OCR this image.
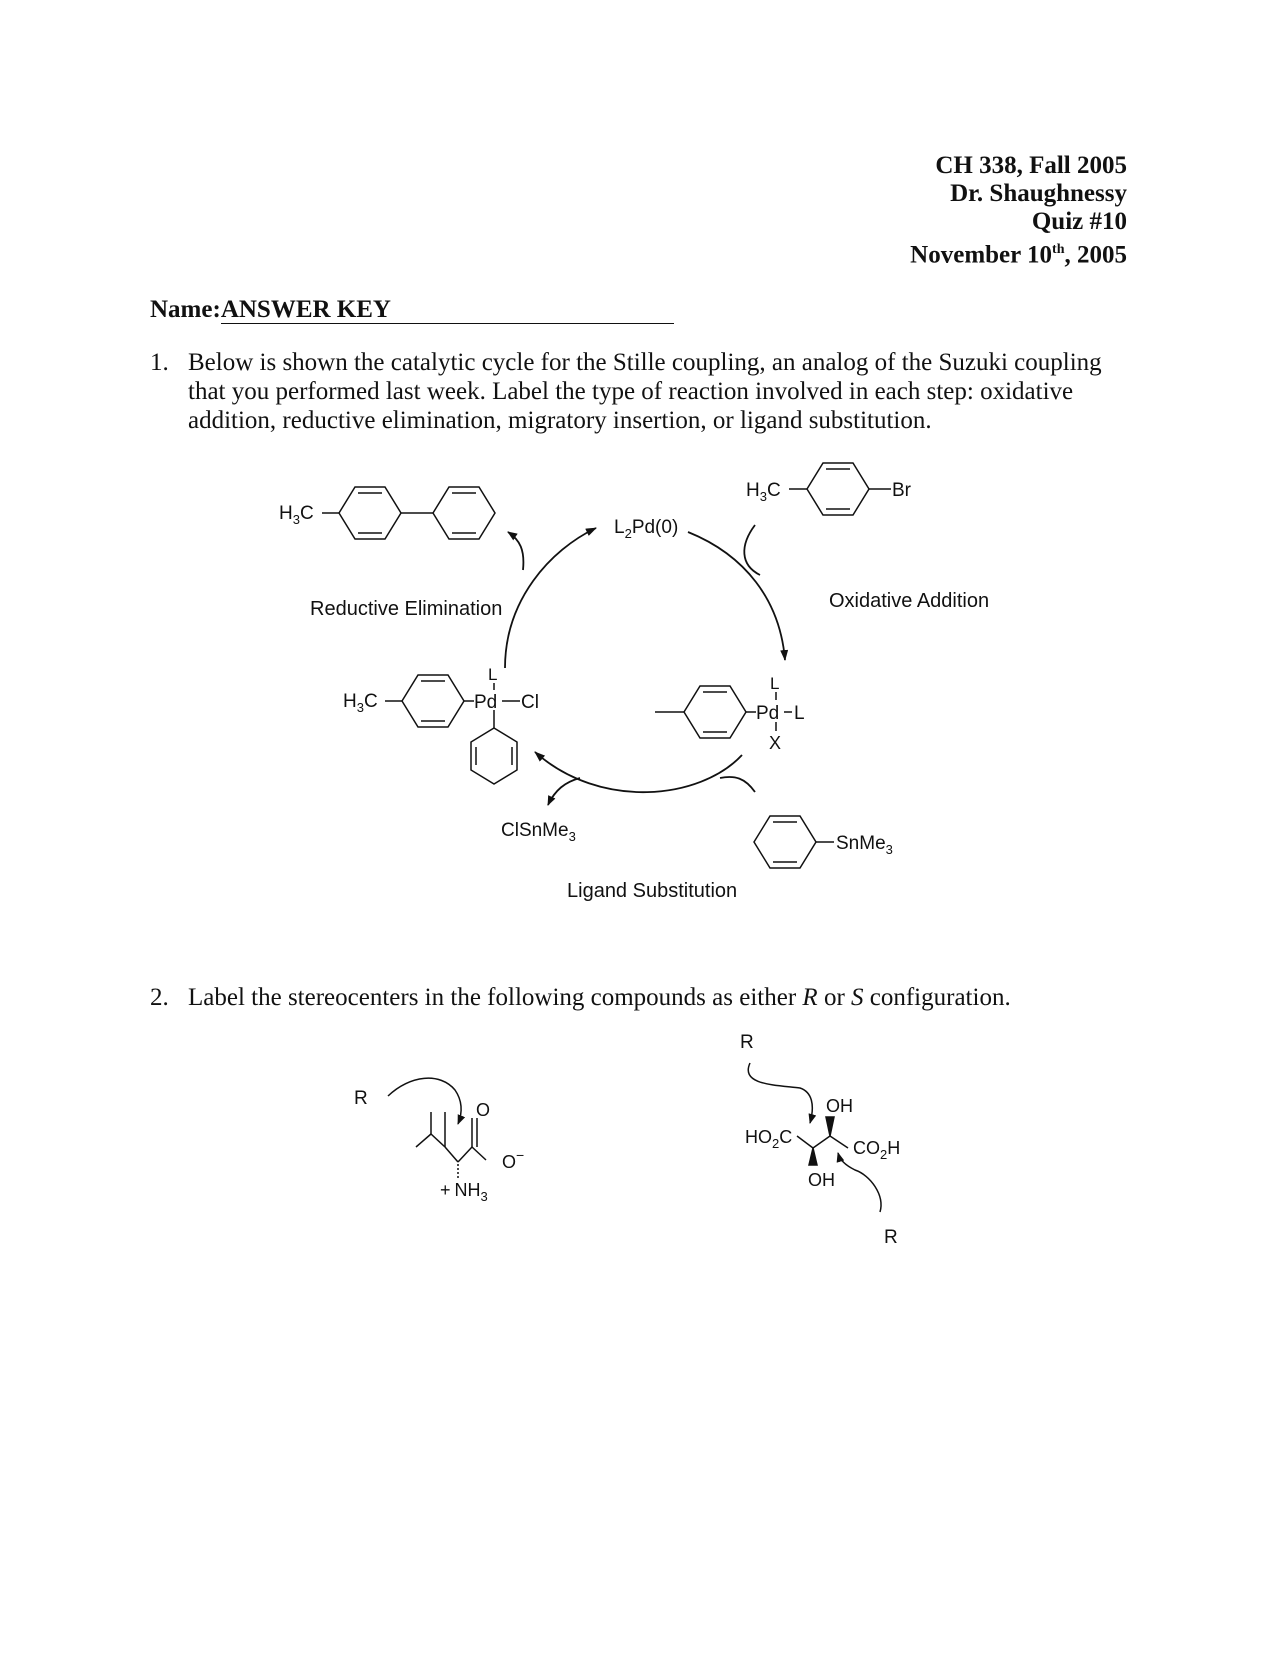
CH 338, Fall 2005
Dr. Shaughnessy
Quiz #10
November 10th, 2005
Name:ANSWER KEY
1. Below is shown the catalytic cycle for the Stille coupling, an analog of the Suzuki coupling
that you performed last week. Label the type of reaction involved in each step: oxidative
addition, reductive elimination, migratory insertion, or ligand substitution.
Reductive Elimination	Oxidative Addition
Ligand Substitution
$H_3C$
$H_3C$	Br
$L_2Pd(0)$
$H_3C$	Pd
L
Cl
Pd
L
L
X
SnMe$_3$
ClSnMe$_3$
R
O
O−
+ $NH_3$
R
$HO_2C$
OH
OH
$CO_2H$
R
2. Label the stereocenters in the following compounds as either R or S configuration.
